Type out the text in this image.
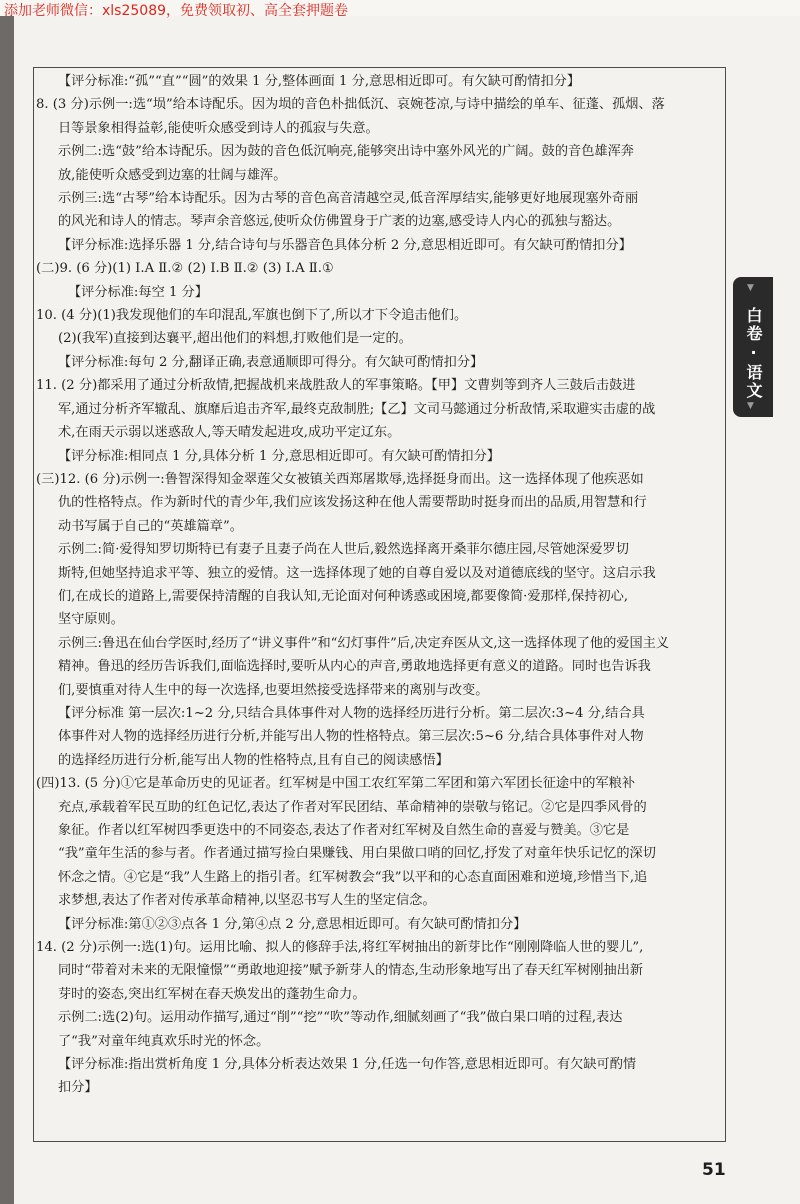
添加老师微信：xls25089，免费领取初、高全套押题卷

【评分标准:“孤”“直”“圆”的效果 1 分,整体画面 1 分,意思相近即可。有欠缺可酌情扣分】

8. (3 分)示例一:选“埙”给本诗配乐。因为埙的音色朴拙低沉、哀婉苍凉,与诗中描绘的单车、征蓬、孤烟、落

日等景象相得益彰,能使听众感受到诗人的孤寂与失意。

示例二:选“鼓”给本诗配乐。因为鼓的音色低沉响亮,能够突出诗中塞外风光的广阔。鼓的音色雄浑奔

放,能使听众感受到边塞的壮阔与雄浑。

示例三:选“古琴”给本诗配乐。因为古琴的音色高音清越空灵,低音浑厚结实,能够更好地展现塞外奇丽

的风光和诗人的情志。琴声余音悠远,使听众仿佛置身于广袤的边塞,感受诗人内心的孤独与豁达。

【评分标准:选择乐器 1 分,结合诗句与乐器音色具体分析 2 分,意思相近即可。有欠缺可酌情扣分】

(二)9. (6 分)(1) Ⅰ.A Ⅱ.② (2) Ⅰ.B Ⅱ.② (3) Ⅰ.A Ⅱ.①

【评分标准:每空 1 分】

10. (4 分)(1)我发现他们的车印混乱,军旗也倒下了,所以才下令追击他们。

(2)(我军)直接到达襄平,超出他们的料想,打败他们是一定的。

【评分标准:每句 2 分,翻译正确,表意通顺即可得分。有欠缺可酌情扣分】

11. (2 分)都采用了通过分析敌情,把握战机来战胜敌人的军事策略。【甲】文曹刿等到齐人三鼓后击鼓进

军,通过分析齐军辙乱、旗靡后追击齐军,最终克敌制胜;【乙】文司马懿通过分析敌情,采取避实击虚的战

术,在雨天示弱以迷惑敌人,等天晴发起进攻,成功平定辽东。

【评分标准:相同点 1 分,具体分析 1 分,意思相近即可。有欠缺可酌情扣分】

(三)12. (6 分)示例一:鲁智深得知金翠莲父女被镇关西郑屠欺辱,选择挺身而出。这一选择体现了他疾恶如

仇的性格特点。作为新时代的青少年,我们应该发扬这种在他人需要帮助时挺身而出的品质,用智慧和行

动书写属于自己的“英雄篇章”。

示例二:简·爱得知罗切斯特已有妻子且妻子尚在人世后,毅然选择离开桑菲尔德庄园,尽管她深爱罗切

斯特,但她坚持追求平等、独立的爱情。这一选择体现了她的自尊自爱以及对道德底线的坚守。这启示我

们,在成长的道路上,需要保持清醒的自我认知,无论面对何种诱惑或困境,都要像简·爱那样,保持初心,

坚守原则。

示例三:鲁迅在仙台学医时,经历了“讲义事件”和“幻灯事件”后,决定弃医从文,这一选择体现了他的爱国主义

精神。鲁迅的经历告诉我们,面临选择时,要听从内心的声音,勇敢地选择更有意义的道路。同时也告诉我

们,要慎重对待人生中的每一次选择,也要坦然接受选择带来的离别与改变。

【评分标准 第一层次:1~2 分,只结合具体事件对人物的选择经历进行分析。第二层次:3~4 分,结合具

体事件对人物的选择经历进行分析,并能写出人物的性格特点。第三层次:5~6 分,结合具体事件对人物

的选择经历进行分析,能写出人物的性格特点,且有自己的阅读感悟】

(四)13. (5 分)①它是革命历史的见证者。红军树是中国工农红军第二军团和第六军团长征途中的军粮补

充点,承载着军民互助的红色记忆,表达了作者对军民团结、革命精神的崇敬与铭记。②它是四季风骨的

象征。作者以红军树四季更迭中的不同姿态,表达了作者对红军树及自然生命的喜爱与赞美。③它是

“我”童年生活的参与者。作者通过描写捡白果赚钱、用白果做口哨的回忆,抒发了对童年快乐记忆的深切

怀念之情。④它是“我”人生路上的指引者。红军树教会“我”以平和的心态直面困难和逆境,珍惜当下,追

求梦想,表达了作者对传承革命精神,以坚忍书写人生的坚定信念。

【评分标准:第①②③点各 1 分,第④点 2 分,意思相近即可。有欠缺可酌情扣分】

14. (2 分)示例一:选(1)句。运用比喻、拟人的修辞手法,将红军树抽出的新芽比作“刚刚降临人世的婴儿”,

同时“带着对未来的无限憧憬”“勇敢地迎接”赋予新芽人的情态,生动形象地写出了春天红军树刚抽出新

芽时的姿态,突出红军树在春天焕发出的蓬勃生命力。

示例二:选(2)句。运用动作描写,通过“削”“挖”“吹”等动作,细腻刻画了“我”做白果口哨的过程,表达

了“我”对童年纯真欢乐时光的怀念。

【评分标准:指出赏析角度 1 分,具体分析表达效果 1 分,任选一句作答,意思相近即可。有欠缺可酌情

扣分】

▼
白卷·语文
▼
51
